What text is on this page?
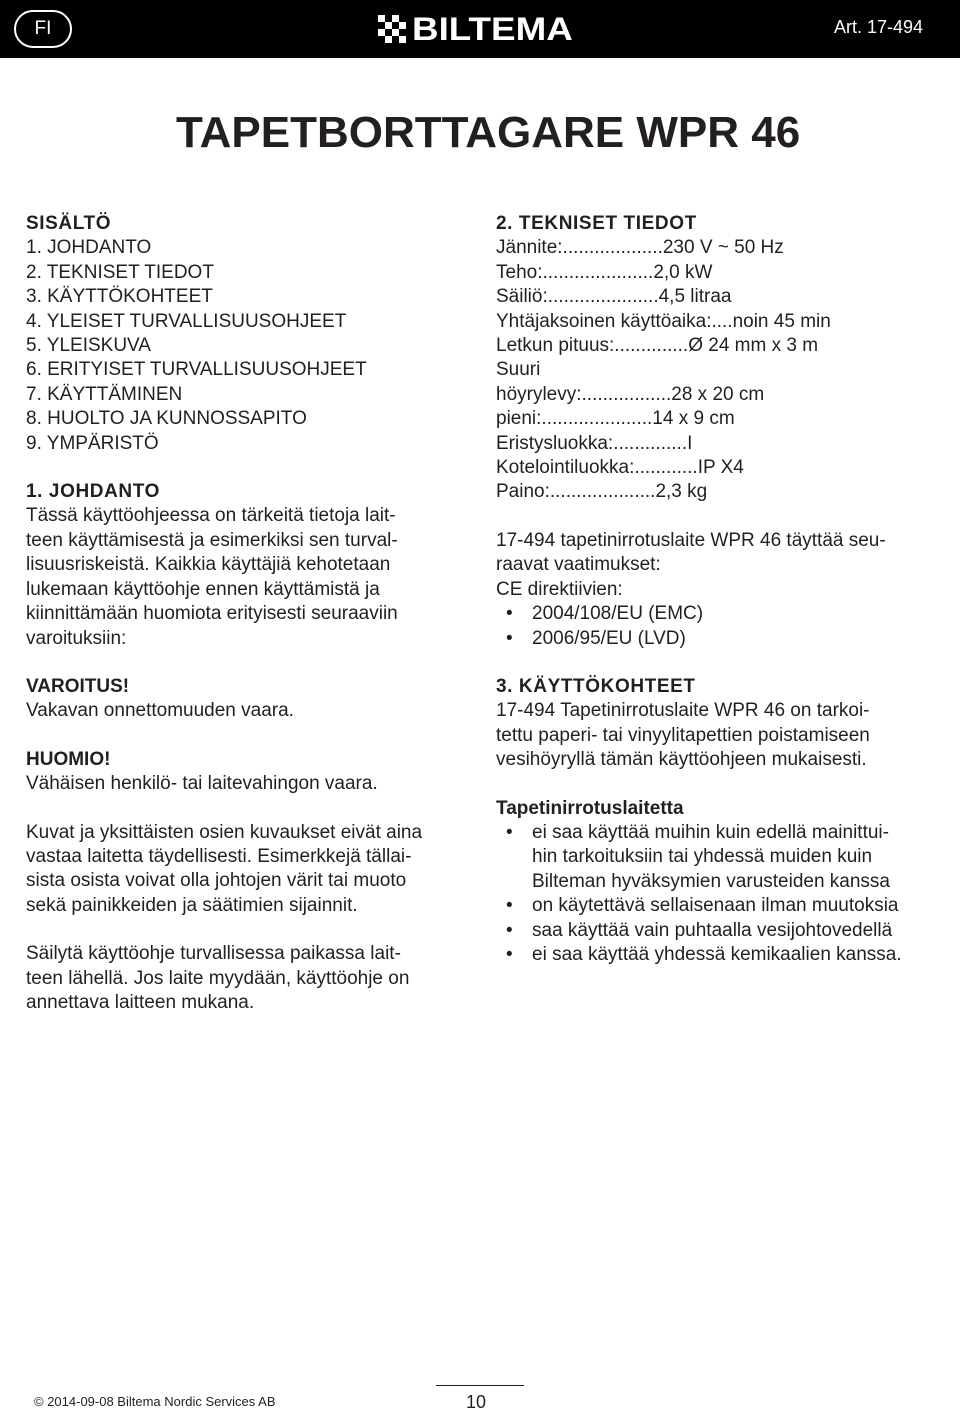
FI	BILTEMA	Art. 17-494
TAPETBORTTAGARE WPR 46
SISÄLTÖ
1. JOHDANTO
2. TEKNISET TIEDOT
3. KÄYTTÖKOHTEET
4. YLEISET TURVALLISUUSOHJEET
5. YLEISKUVA
6. ERITYISET TURVALLISUUSOHJEET
7. KÄYTTÄMINEN
8. HUOLTO JA KUNNOSSAPITO
9. YMPÄRISTÖ
1. JOHDANTO
Tässä käyttöohjeessa on tärkeitä tietoja lait-
teen käyttämisestä ja esimerkiksi sen turval-
lisuusriskeistä. Kaikkia käyttäjiä kehotetaan
lukemaan käyttöohje ennen käyttämistä ja
kiinnittämään huomiota erityisesti seuraaviin
varoituksiin:
VAROITUS!
Vakavan onnettomuuden vaara.
HUOMIO!
Vähäisen henkilö- tai laitevahingon vaara.
Kuvat ja yksittäisten osien kuvaukset eivät aina
vastaa laitetta täydellisesti. Esimerkkejä tällai-
sista osista voivat olla johtojen värit tai muoto
sekä painikkeiden ja säätimien sijainnit.
Säilytä käyttöohje turvallisessa paikassa lait-
teen lähellä. Jos laite myydään, käyttöohje on
annettava laitteen mukana.
2. TEKNISET TIEDOT
Jännite:...................230 V ~ 50 Hz
Teho:.....................2,0 kW
Säiliö:.....................4,5 litraa
Yhtäjaksoinen käyttöaika:....noin 45 min
Letkun pituus:..............Ø 24 mm x 3 m
Suuri
höyrylevy:.................28 x 20 cm
pieni:.....................14 x 9 cm
Eristysluokka:..............I
Kotelointiluokka:............IP X4
Paino:....................2,3 kg
17-494 tapetinirrotuslaite WPR 46 täyttää seu-
raavat vaatimukset:
CE direktiivien:
• 2004/108/EU (EMC)
• 2006/95/EU (LVD)
3. KÄYTTÖKOHTEET
17-494 Tapetinirrotuslaite WPR 46 on tarkoi-
tettu paperi- tai vinyylitapettien poistamiseen
vesihöyryllä tämän käyttöohjeen mukaisesti.
Tapetinirrotuslaitetta
• ei saa käyttää muihin kuin edellä mainittui-
hin tarkoituksiin tai yhdessä muiden kuin
Bilteman hyväksymien varusteiden kanssa
• on käytettävä sellaisenaan ilman muutoksia
• saa käyttää vain puhtaalla vesijohtovedellä
• ei saa käyttää yhdessä kemikaalien kanssa.
© 2014-09-08 Biltema Nordic Services AB	10
